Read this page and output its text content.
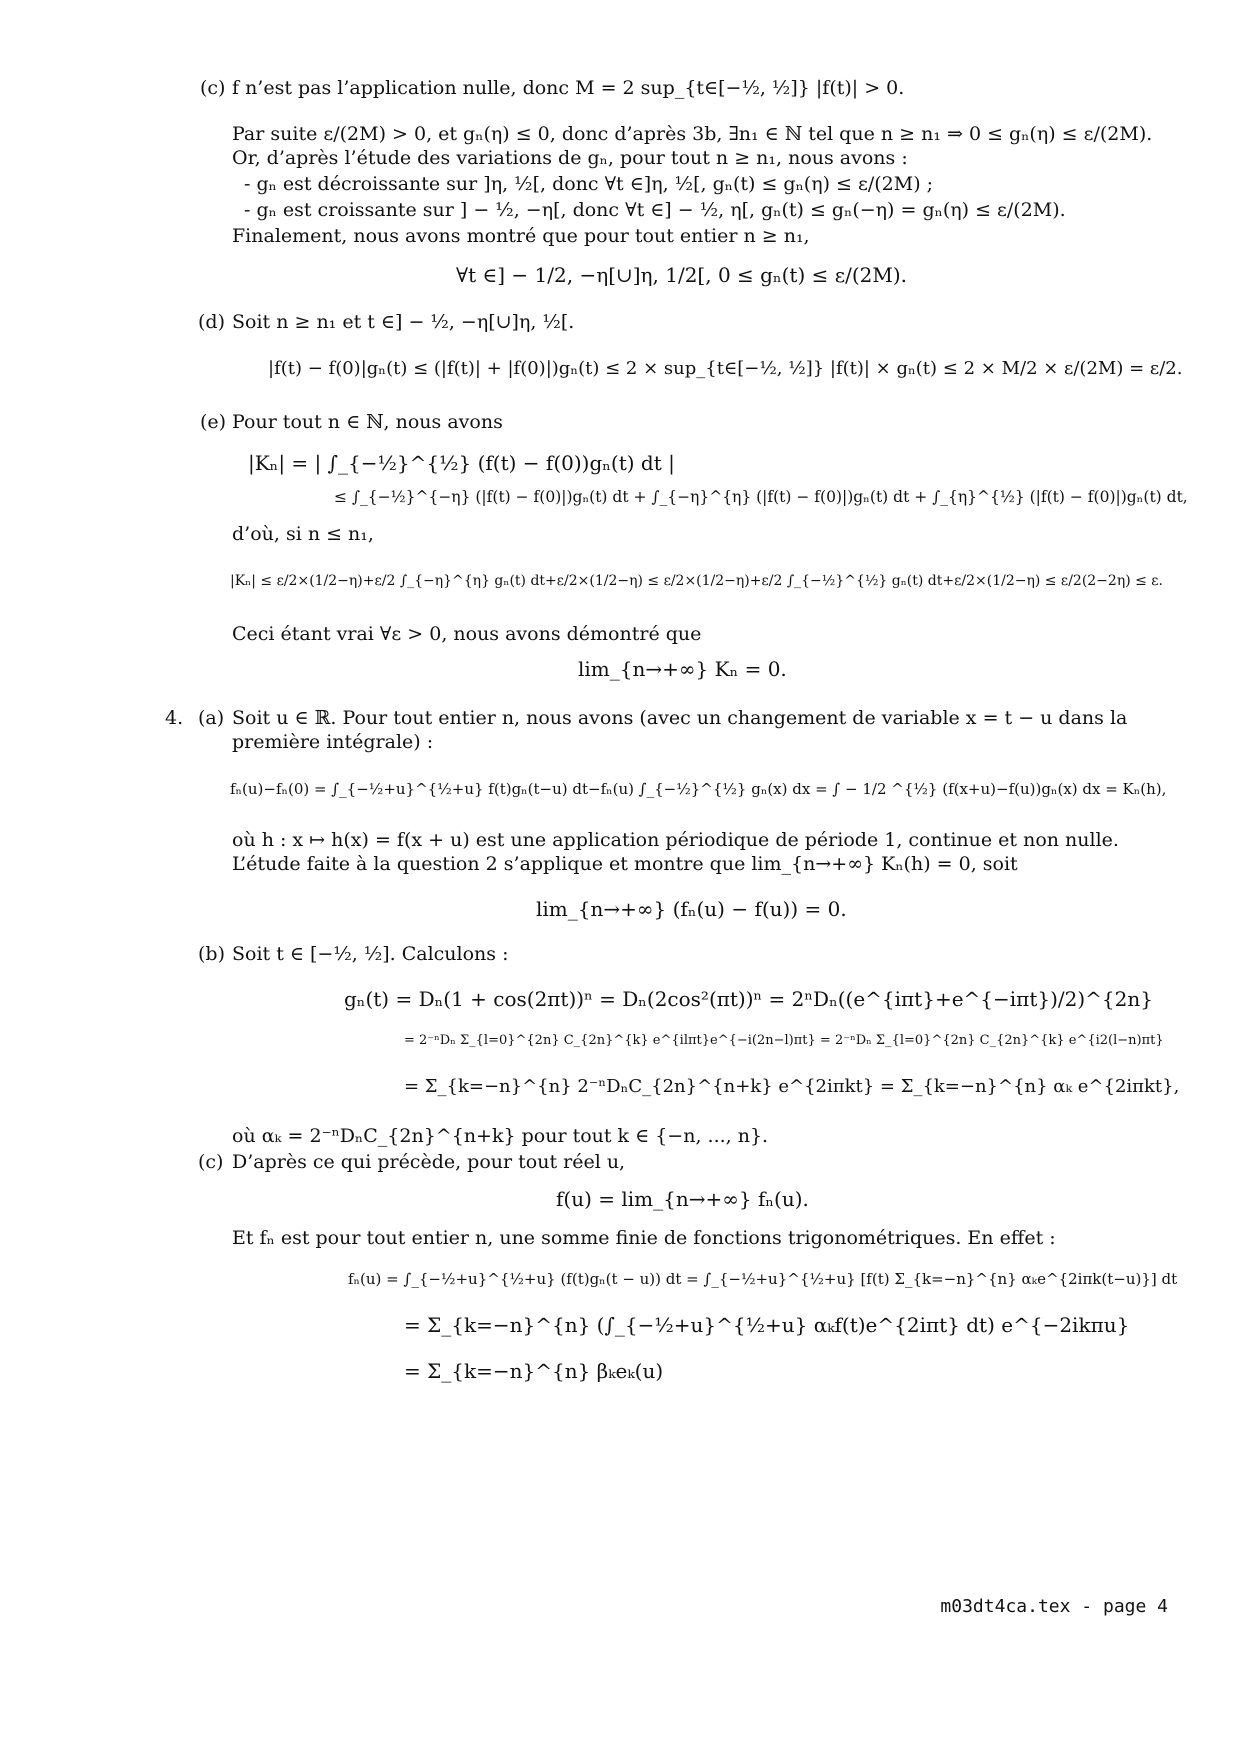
(c) f n’est pas l’application nulle, donc M = 2 sup_{t∈[−½, ½]} |f(t)| > 0.
Par suite ε/(2M) > 0, et gₙ(η) ≤ 0, donc d’après 3b, ∃n₁ ∈ ℕ tel que n ≥ n₁ ⇒ 0 ≤ gₙ(η) ≤ ε/(2M).
Or, d’après l’étude des variations de gₙ, pour tout n ≥ n₁, nous avons :
- gₙ est décroissante sur ]η, ½[, donc ∀t ∈]η, ½[, gₙ(t) ≤ gₙ(η) ≤ ε/(2M) ;
- gₙ est croissante sur ] − ½, −η[, donc ∀t ∈] − ½, η[, gₙ(t) ≤ gₙ(−η) = gₙ(η) ≤ ε/(2M).
Finalement, nous avons montré que pour tout entier n ≥ n₁,
∀t ∈] − 1/2, −η[∪]η, 1/2[, 0 ≤ gₙ(t) ≤ ε/(2M).
(d) Soit n ≥ n₁ et t ∈] − ½, −η[∪]η, ½[.
|f(t) − f(0)|gₙ(t) ≤ (|f(t)| + |f(0)|)gₙ(t) ≤ 2 × sup_{t∈[−½, ½]} |f(t)| × gₙ(t) ≤ 2 × M/2 × ε/(2M) = ε/2.
(e) Pour tout n ∈ ℕ, nous avons
|Kₙ| = | ∫_{−½}^{½} (f(t) − f(0))gₙ(t) dt |
≤ ∫_{−½}^{−η} (|f(t) − f(0)|)gₙ(t) dt + ∫_{−η}^{η} (|f(t) − f(0)|)gₙ(t) dt + ∫_{η}^{½} (|f(t) − f(0)|)gₙ(t) dt,
d’où, si n ≤ n₁,
|Kₙ| ≤ ε/2×(1/2−η)+ε/2 ∫_{−η}^{η} gₙ(t) dt+ε/2×(1/2−η) ≤ ε/2×(1/2−η)+ε/2 ∫_{−½}^{½} gₙ(t) dt+ε/2×(1/2−η) ≤ ε/2(2−2η) ≤ ε.
Ceci étant vrai ∀ε > 0, nous avons démontré que
lim_{n→+∞} Kₙ = 0.
4. (a) Soit u ∈ ℝ. Pour tout entier n, nous avons (avec un changement de variable x = t − u dans la
première intégrale) :
fₙ(u)−fₙ(0) = ∫_{−½+u}^{½+u} f(t)gₙ(t−u) dt−fₙ(u) ∫_{−½}^{½} gₙ(x) dx = ∫ − 1/2 ^{½} (f(x+u)−f(u))gₙ(x) dx = Kₙ(h),
où h : x ↦ h(x) = f(x + u) est une application périodique de période 1, continue et non nulle.
L’étude faite à la question 2 s’applique et montre que lim_{n→+∞} Kₙ(h) = 0, soit
lim_{n→+∞} (fₙ(u) − f(u)) = 0.
(b) Soit t ∈ [−½, ½]. Calculons :
gₙ(t) = Dₙ(1 + cos(2πt))ⁿ = Dₙ(2cos²(πt))ⁿ = 2ⁿDₙ((e^{iπt}+e^{−iπt})/2)^{2n}
= 2⁻ⁿDₙ Σ_{l=0}^{2n} C_{2n}^{k} e^{ilπt}e^{−i(2n−l)πt} = 2⁻ⁿDₙ Σ_{l=0}^{2n} C_{2n}^{k} e^{i2(l−n)πt}
= Σ_{k=−n}^{n} 2⁻ⁿDₙC_{2n}^{n+k} e^{2iπkt} = Σ_{k=−n}^{n} αₖ e^{2iπkt},
où αₖ = 2⁻ⁿDₙC_{2n}^{n+k} pour tout k ∈ {−n, ..., n}.
(c) D’après ce qui précède, pour tout réel u,
f(u) = lim_{n→+∞} fₙ(u).
Et fₙ est pour tout entier n, une somme finie de fonctions trigonométriques. En effet :
fₙ(u) = ∫_{−½+u}^{½+u} (f(t)gₙ(t − u)) dt = ∫_{−½+u}^{½+u} [f(t) Σ_{k=−n}^{n} αₖe^{2iπk(t−u)}] dt
= Σ_{k=−n}^{n} (∫_{−½+u}^{½+u} αₖf(t)e^{2iπt} dt) e^{−2ikπu}
= Σ_{k=−n}^{n} βₖeₖ(u)
m03dt4ca.tex - page 4
